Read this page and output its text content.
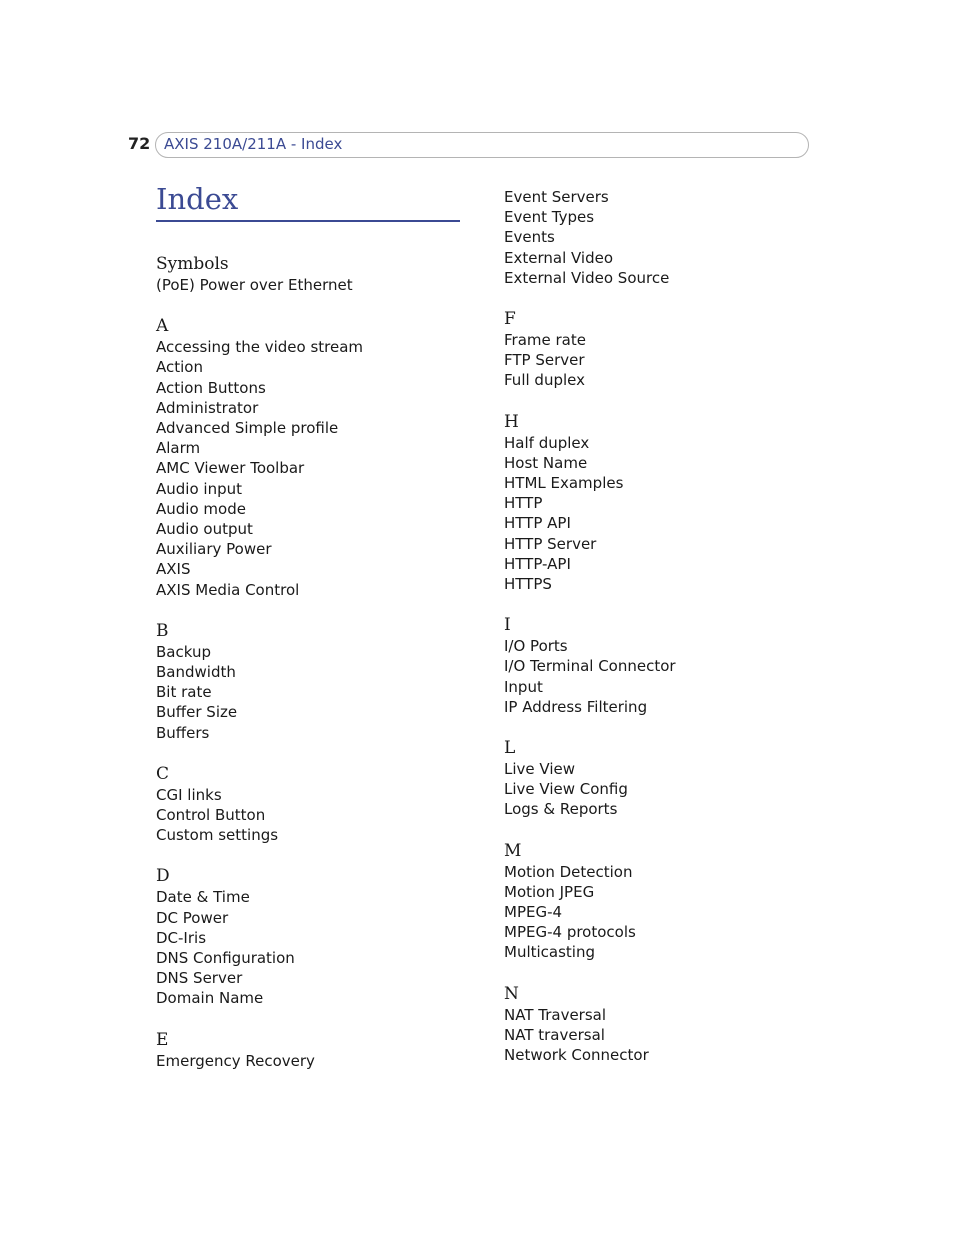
72 AXIS 210A/211A - Index
Index
Symbols
(PoE) Power over Ethernet
A
Accessing the video stream
Action
Action Buttons
Administrator
Advanced Simple profile
Alarm
AMC Viewer Toolbar
Audio input
Audio mode
Audio output
Auxiliary Power
AXIS
AXIS Media Control
B
Backup
Bandwidth
Bit rate
Buffer Size
Buffers
C
CGI links
Control Button
Custom settings
D
Date & Time
DC Power
DC-Iris
DNS Configuration
DNS Server
Domain Name
E
Emergency Recovery
Event Servers
Event Types
Events
External Video
External Video Source
F
Frame rate
FTP Server
Full duplex
H
Half duplex
Host Name
HTML Examples
HTTP
HTTP API
HTTP Server
HTTP-API
HTTPS
I
I/O Ports
I/O Terminal Connector
Input
IP Address Filtering
L
Live View
Live View Config
Logs & Reports
M
Motion Detection
Motion JPEG
MPEG-4
MPEG-4 protocols
Multicasting
N
NAT Traversal
NAT traversal
Network Connector
